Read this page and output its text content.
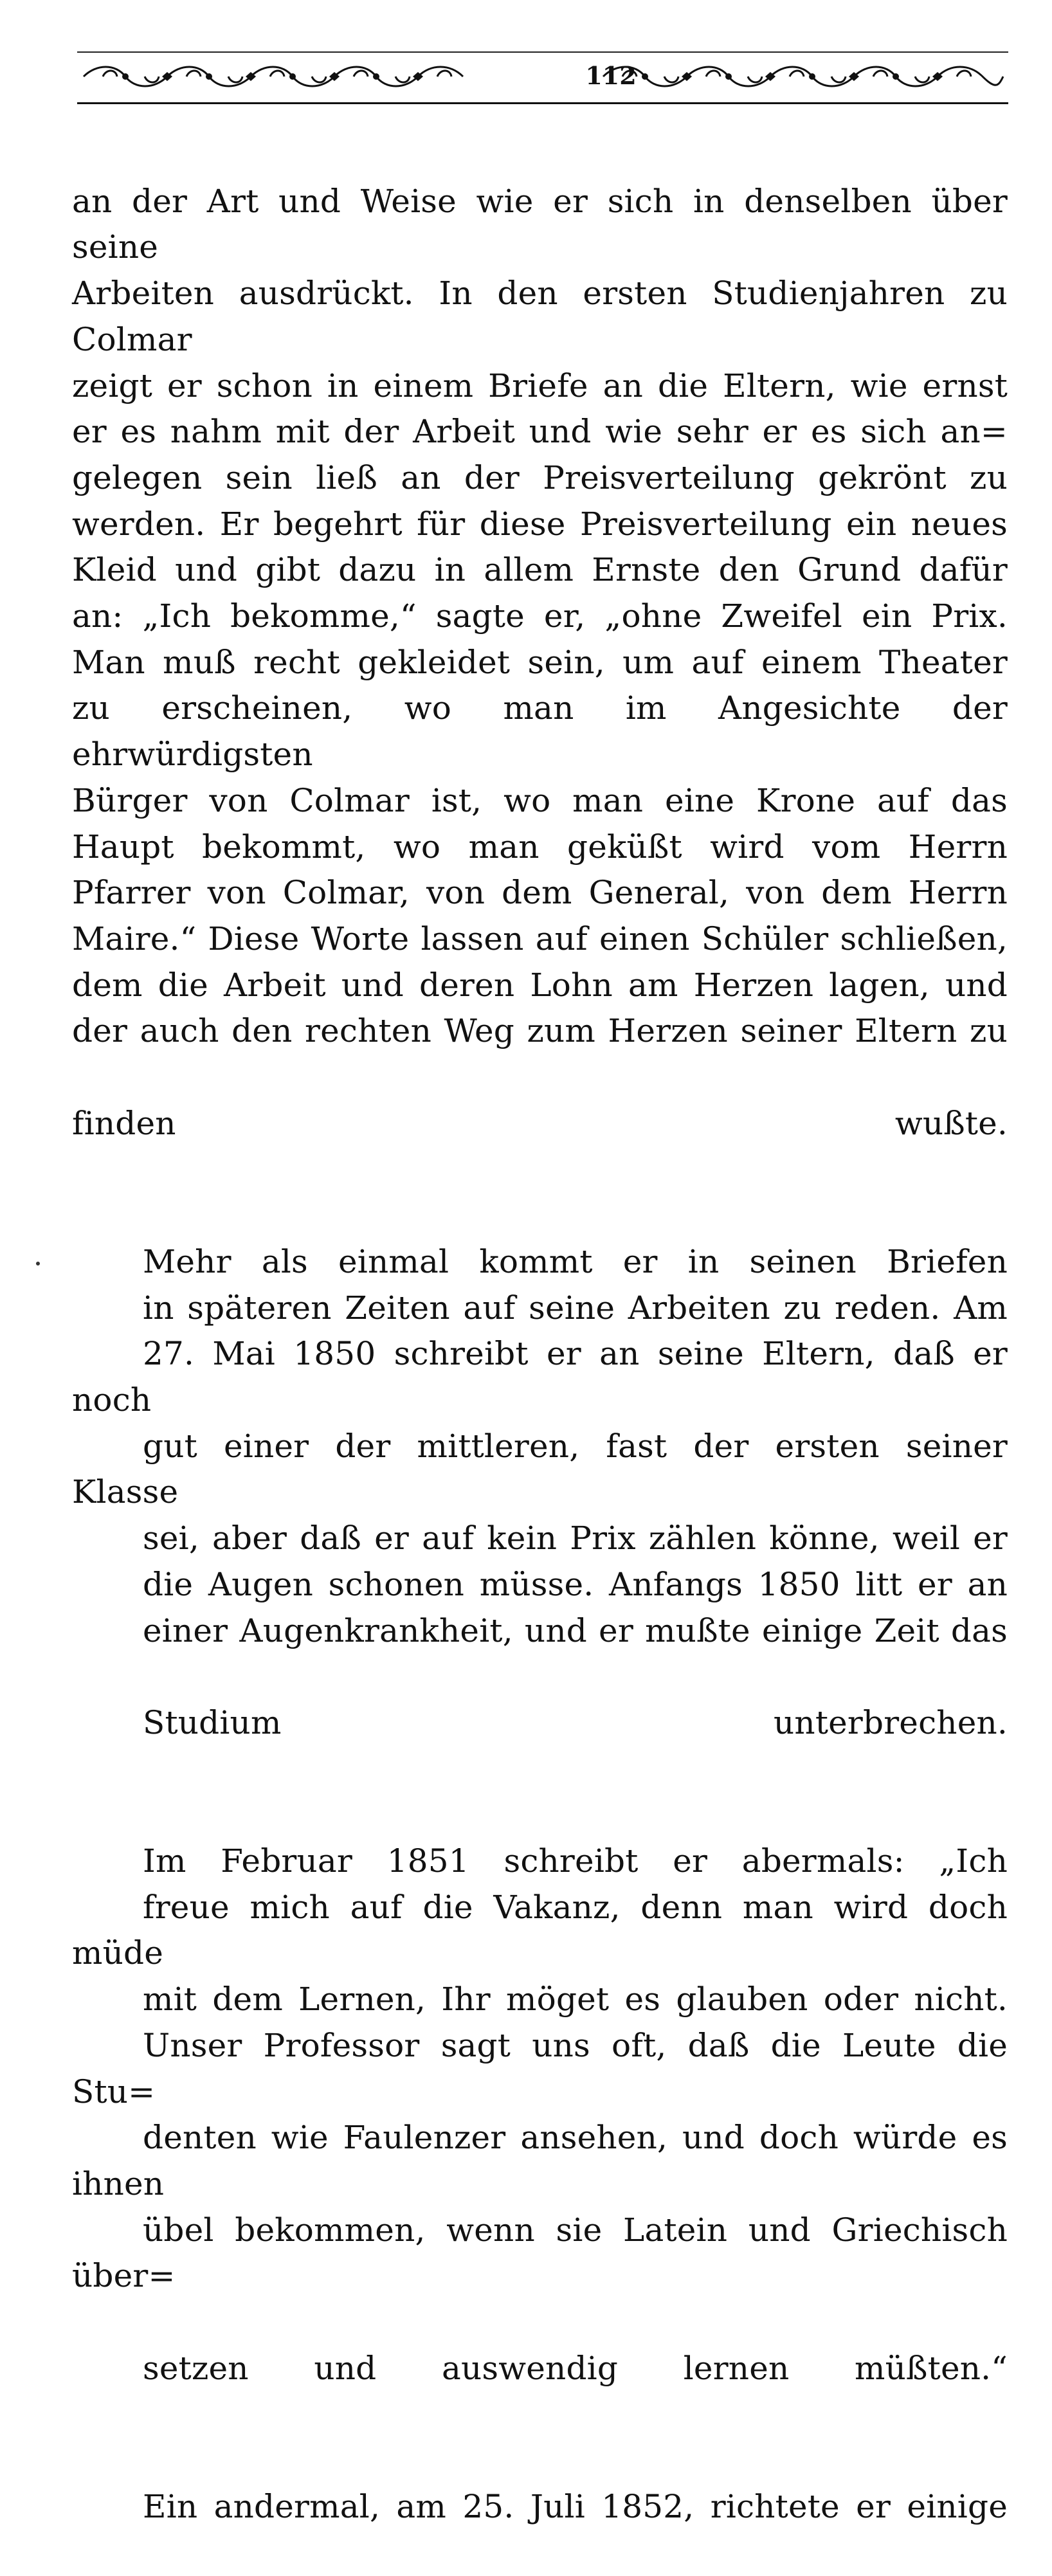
112

an der Art und Weise wie er sich in denselben über seine
Arbeiten ausdrückt. In den ersten Studienjahren zu Colmar
zeigt er schon in einem Briefe an die Eltern, wie ernst
er es nahm mit der Arbeit und wie sehr er es sich an=
gelegen sein ließ an der Preisverteilung gekrönt zu
werden. Er begehrt für diese Preisverteilung ein neues
Kleid und gibt dazu in allem Ernste den Grund dafür
an: „Ich bekomme,“ sagte er, „ohne Zweifel ein Prix.
Man muß recht gekleidet sein, um auf einem Theater
zu erscheinen, wo man im Angesichte der ehrwürdigsten
Bürger von Colmar ist, wo man eine Krone auf das
Haupt bekommt, wo man geküßt wird vom Herrn
Pfarrer von Colmar, von dem General, von dem Herrn
Maire.“ Diese Worte lassen auf einen Schüler schließen,
dem die Arbeit und deren Lohn am Herzen lagen, und
der auch den rechten Weg zum Herzen seiner Eltern zu

finden wußte.

Mehr als einmal kommt er in seinen Briefen
in späteren Zeiten auf seine Arbeiten zu reden. Am
27. Mai 1850 schreibt er an seine Eltern, daß er noch
gut einer der mittleren, fast der ersten seiner Klasse
sei, aber daß er auf kein Prix zählen könne, weil er
die Augen schonen müsse. Anfangs 1850 litt er an
einer Augenkrankheit, und er mußte einige Zeit das

Studium unterbrechen.

Im Februar 1851 schreibt er abermals: „Ich
freue mich auf die Vakanz, denn man wird doch müde
mit dem Lernen, Ihr möget es glauben oder nicht.
Unser Professor sagt uns oft, daß die Leute die Stu=
denten wie Faulenzer ansehen, und doch würde es ihnen
übel bekommen, wenn sie Latein und Griechisch über=

setzen und auswendig lernen müßten.“

Ein andermal, am 25. Juli 1852, richtete er einige
